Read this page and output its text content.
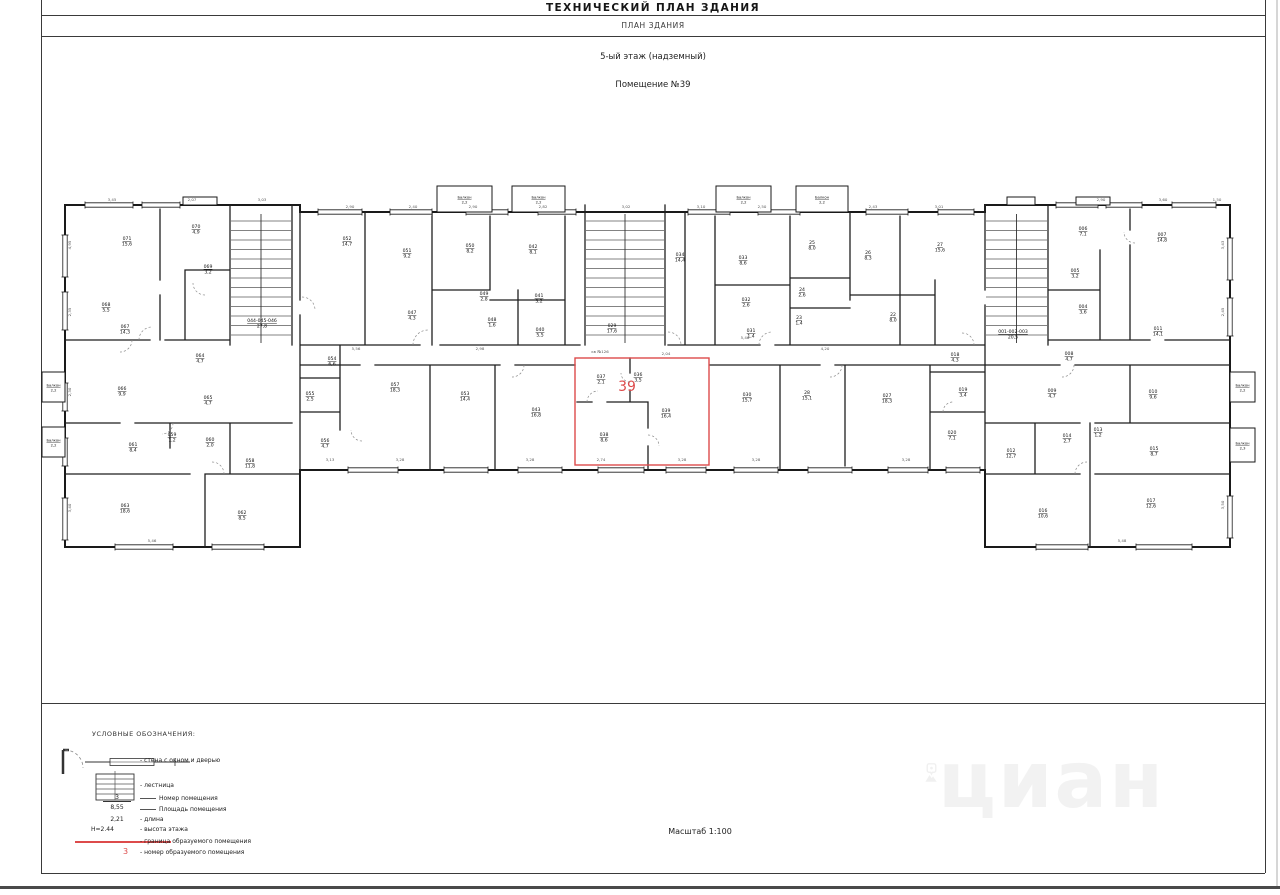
ТЕХНИЧЕСКИЙ ПЛАН ЗДАНИЯ
ПЛАН ЗДАНИЯ
5-ый этаж (надземный)
Помещение №39
циан
39
Балкон 2,2
Балкон 2,2
Балкон 2,2
Балкон 2,2
Балкон 2,2
Балкон 2,2
Балкон 2,2
Балкон 2,3
071 15,6
070 4,9
069 3,2
068 5,5
067 14,3
064 4,7
066 9,9
065 4,7
061 8,4
059 1,2	060 2,0
058 11,8
063 18,6	062 8,5
044-045-046 27,8	029 17,6	001-002-003 20,5
052 14,7
051 9,2
050 8,2
049 2,8
048 1,6
047 4,3
042 8,1
041 3,2
040 5,5
034 14,4	033 8,6
032 2,6
031 1,4
25 8,0
26 8,3
24 2,6
23 1,4
22 8,0
27 15,6
054 6,6
055 2,5
056 4,7
057 18,3
053 14,4
043 16,8
037 2,1
036 3,5
038 8,6
039 16,4
030 15,7
28 15,1	027 18,3
018 4,3
019 3,4
020 7,1
006 7,1	007 14,8
005 3,2
004 3,6
011 14,1
008 4,7
009 4,7
010 9,6
012 12,7
014 2,7
013 1,2
015 8,7
016 10,6
017 12,6
3,45	2,07	3,03
2,90	2,40	2,90	2,82	3,02	3,10	2,50	2,43	3,01
2,90	3,60	1,50
3,13	3,28	3,28	2,74	3,28	3,28	3,28
5,46	5,48
4,95
2,35
2,30
3,40
3,43
2,45
3,50
5,56	2,98
5,46
4,20
2,04
кв №126
УСЛОВНЫЕ ОБОЗНАЧЕНИЯ:
- стена с окном и дверью
- лестница
3	Номер помещения
8,55	Площадь помещения
2,21	- длина
Н=2.44	- высота этажа
- граница образуемого помещения
3 - номер образуемого помещения
Масштаб 1:100
